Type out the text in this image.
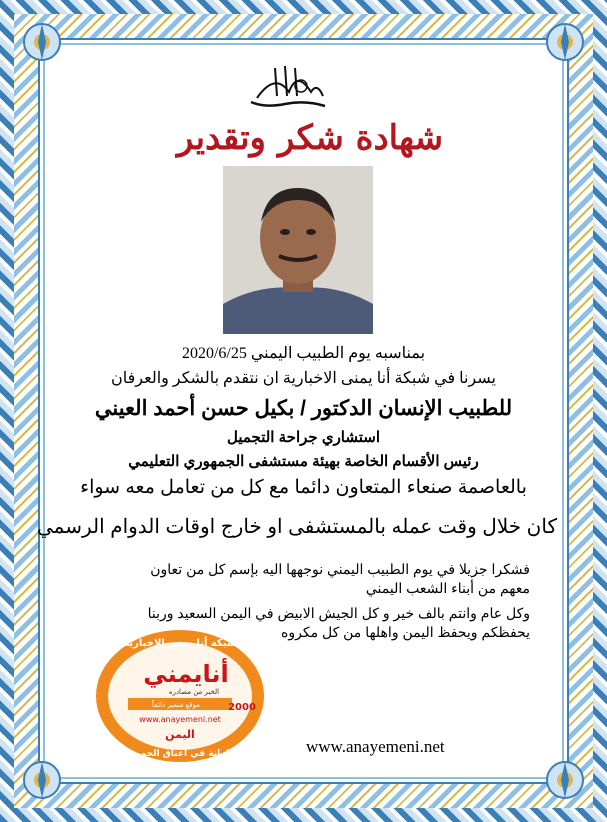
شهادة شكر وتقدير
بمناسبه يوم الطبيب اليمني 2020/6/25
يسرنا في شبكة أنا يمنى الاخبارية ان نتقدم بالشكر والعرفان
للطبيب الإنسان الدكتور / بكيل حسن أحمد العيني
استشاري جراحة التجميل
رئيس الأقسام الخاصة بهيئة مستشفى الجمهوري التعليمي
بالعاصمة صنعاء المتعاون دائما مع كل من تعامل معه سواء
كان خلال وقت عمله بالمستشفى او خارج اوقات الدوام الرسمي
فشكرا جزيلا في يوم الطبيب اليمني نوجهها اليه بإسم كل من تعاون
معهم من أبناء الشعب اليمني
وكل عام وانتم بالف خير و كل الجيش الابيض في اليمن السعيد وربنا
يحفظكم ويحفظ اليمن واهلها من كل مكروه
شبكة أنا يمني الإخبارية
أنايمني
الخبر من مصادره
موقع متميز دائماً	2000
www.anayemeni.net
اليمن
امانة في أعناق الجميع	www.anayemeni.net
